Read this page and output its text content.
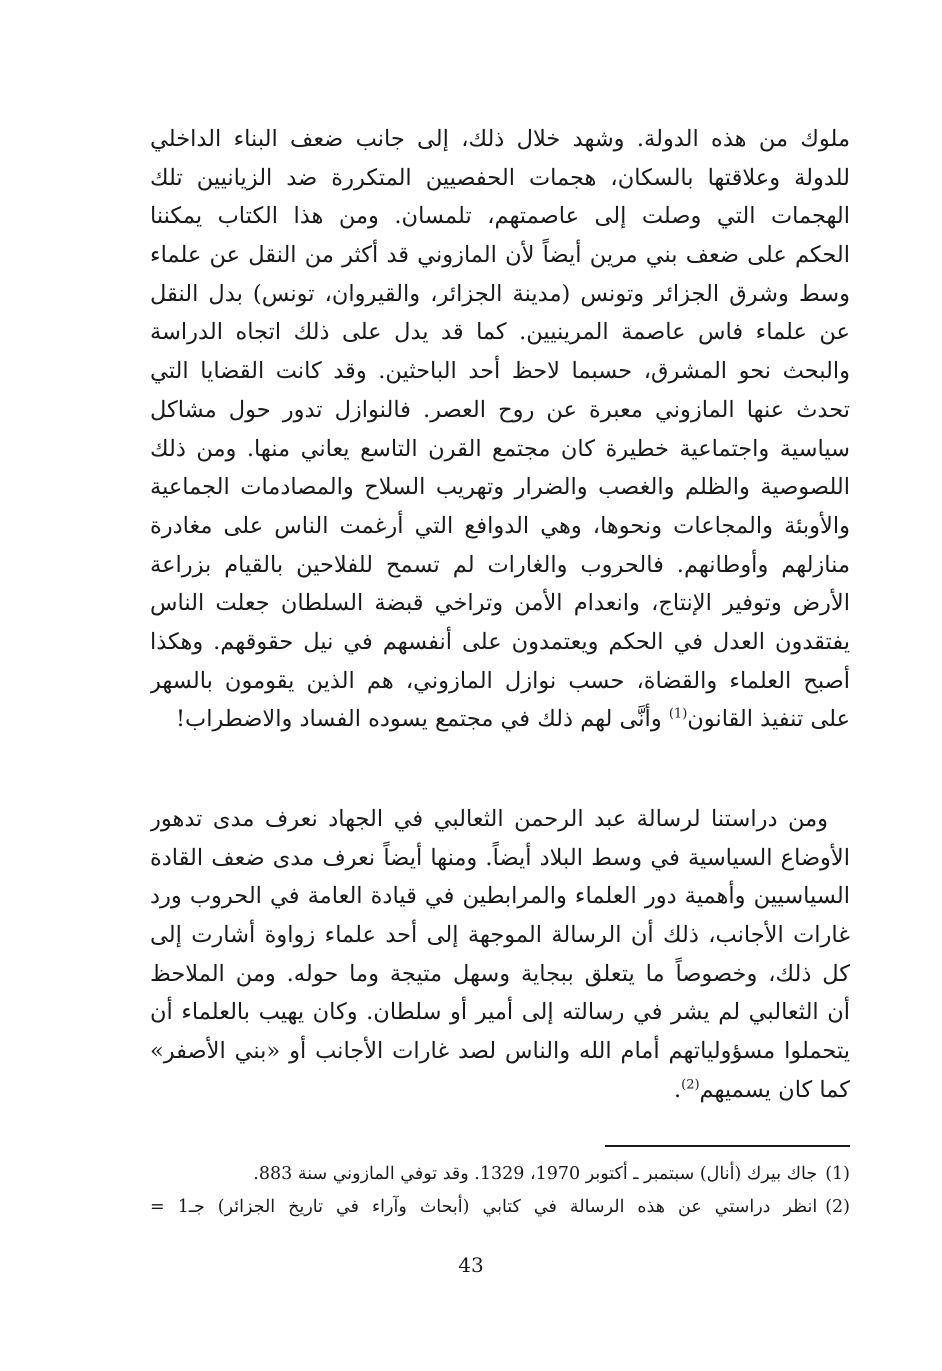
ملوك من هذه الدولة. وشهد خلال ذلك، إلى جانب ضعف البناء الداخلي
للدولة وعلاقتها بالسكان، هجمات الحفصيين المتكررة ضد الزيانيين تلك
الهجمات التي وصلت إلى عاصمتهم، تلمسان. ومن هذا الكتاب يمكننا
الحكم على ضعف بني مرين أيضاً لأن المازوني قد أكثر من النقل عن علماء
وسط وشرق الجزائر وتونس (مدينة الجزائر، والقيروان، تونس) بدل النقل
عن علماء فاس عاصمة المرينيين. كما قد يدل على ذلك اتجاه الدراسة
والبحث نحو المشرق، حسبما لاحظ أحد الباحثين. وقد كانت القضايا التي
تحدث عنها المازوني معبرة عن روح العصر. فالنوازل تدور حول مشاكل
سياسية واجتماعية خطيرة كان مجتمع القرن التاسع يعاني منها. ومن ذلك
اللصوصية والظلم والغصب والضرار وتهريب السلاح والمصادمات الجماعية
والأوبئة والمجاعات ونحوها، وهي الدوافع التي أرغمت الناس على مغادرة
منازلهم وأوطانهم. فالحروب والغارات لم تسمح للفلاحين بالقيام بزراعة
الأرض وتوفير الإنتاج، وانعدام الأمن وتراخي قبضة السلطان جعلت الناس
يفتقدون العدل في الحكم ويعتمدون على أنفسهم في نيل حقوقهم. وهكذا
أصبح العلماء والقضاة، حسب نوازل المازوني، هم الذين يقومون بالسهر
على تنفيذ القانون$^{(1)}$ وأنَّى لهم ذلك في مجتمع يسوده الفساد والاضطراب!
ومن دراستنا لرسالة عبد الرحمن الثعالبي في الجهاد نعرف مدى تدهور
الأوضاع السياسية في وسط البلاد أيضاً. ومنها أيضاً نعرف مدى ضعف القادة
السياسيين وأهمية دور العلماء والمرابطين في قيادة العامة في الحروب ورد
غارات الأجانب، ذلك أن الرسالة الموجهة إلى أحد علماء زواوة أشارت إلى
كل ذلك، وخصوصاً ما يتعلق ببجاية وسهل متيجة وما حوله. ومن الملاحظ
أن الثعالبي لم يشر في رسالته إلى أمير أو سلطان. وكان يهيب بالعلماء أن
يتحملوا مسؤولياتهم أمام الله والناس لصد غارات الأجانب أو «بني الأصفر»
كما كان يسميهم$^{(2)}$.
(1)جاك بيرك (أنال) سبتمبر ـ أكتوبر 1970، 1329. وقد توفي المازوني سنة 883.
(2)انظر دراستي عن هذه الرسالة في كتابي (أبحاث وآراء في تاريخ الجزائر) جـ1 =
43
